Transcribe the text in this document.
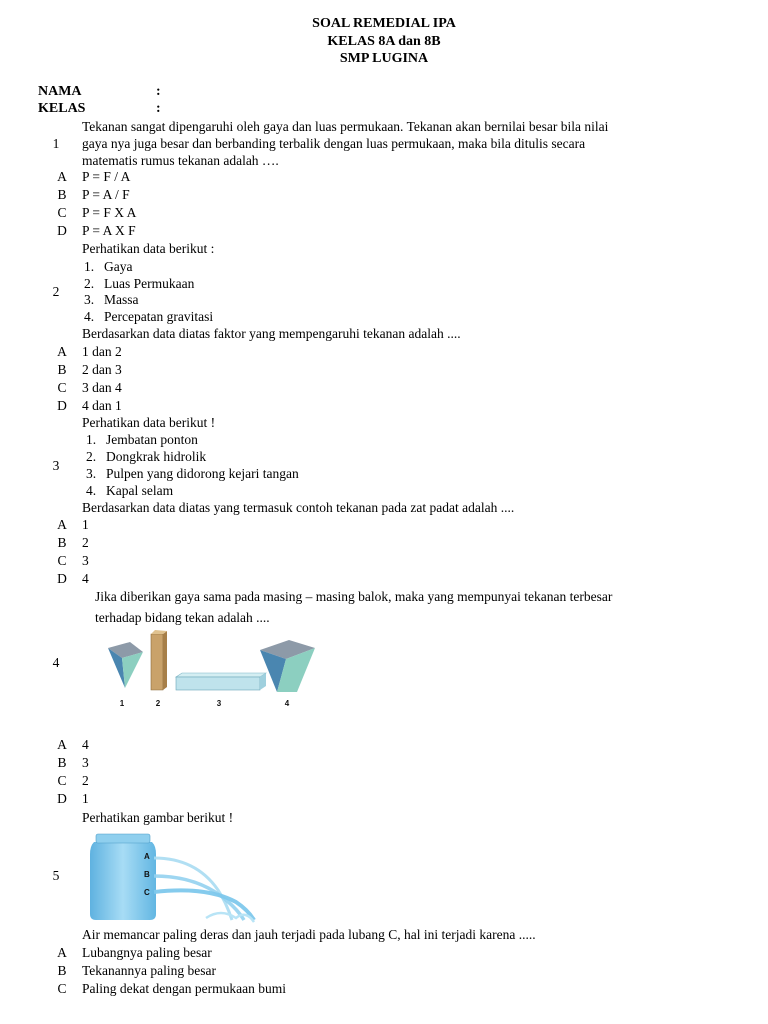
SOAL REMEDIAL IPA
KELAS 8A dan 8B
SMP LUGINA
NAMA	:
KELAS	:
Tekanan sangat dipengaruhi oleh gaya dan luas permukaan. Tekanan akan bernilai besar bila nilai
1 gaya nya juga besar dan berbanding terbalik dengan luas permukaan, maka bila ditulis secara
matematis rumus tekanan adalah ….
A P = F / A
B P = A / F
C P = F X A
D P = A X F
Perhatikan data berikut :
1. Gaya
2. Luas Permukaan
2
3. Massa
4. Percepatan gravitasi
Berdasarkan data diatas faktor yang mempengaruhi tekanan adalah ....
A 1 dan 2
B 2 dan 3
C 3 dan 4
D 4 dan 1
Perhatikan data berikut !
1. Jembatan ponton
2. Dongkrak hidrolik
3
3. Pulpen yang didorong kejari tangan
4. Kapal selam
Berdasarkan data diatas yang termasuk contoh tekanan pada zat padat adalah ....
A 1
B 2
C 3
D 4
Jika diberikan gaya sama pada masing – masing balok, maka yang mempunyai tekanan terbesar
terhadap bidang tekan adalah ....
4
1	2	3	4
A 4
B 3
C 2
D 1
Perhatikan gambar berikut !
5
A
B
C
Air memancar paling deras dan jauh terjadi pada lubang C, hal ini terjadi karena .....
A Lubangnya paling besar
B Tekanannya paling besar
C Paling dekat dengan permukaan bumi
